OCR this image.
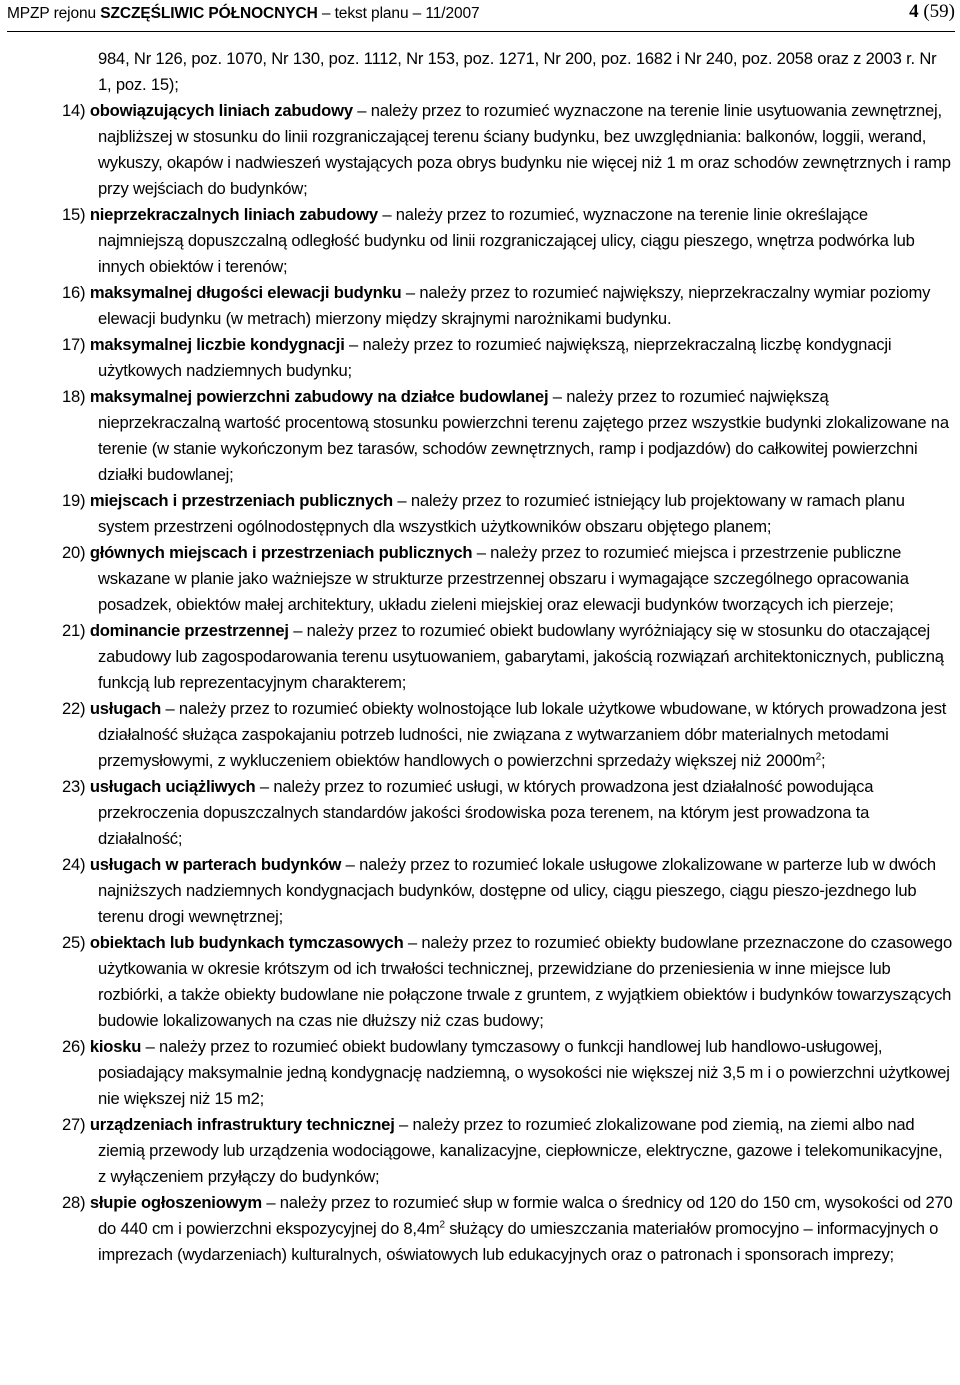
MPZP rejonu SZCZĘŚLIWIC PÓŁNOCNYCH – tekst planu – 11/2007	4 (59)

984, Nr 126, poz. 1070, Nr 130, poz. 1112, Nr 153, poz. 1271, Nr 200, poz. 1682 i Nr 240, poz. 2058 oraz z 2003 r. Nr 1, poz. 15);

14) obowiązujących liniach zabudowy – należy przez to rozumieć wyznaczone na terenie linie usytuowania zewnętrznej, najbliższej w stosunku do linii rozgraniczającej terenu ściany budynku, bez uwzględniania: balkonów, loggii, werand, wykuszy, okapów i nadwieszeń wystających poza obrys budynku nie więcej niż 1 m oraz schodów zewnętrznych i ramp przy wejściach do budynków;

15) nieprzekraczalnych liniach zabudowy – należy przez to rozumieć, wyznaczone na terenie linie określające najmniejszą dopuszczalną odległość budynku od linii rozgraniczającej ulicy, ciągu pieszego, wnętrza podwórka lub innych obiektów i terenów;

16) maksymalnej długości elewacji budynku – należy przez to rozumieć największy, nieprzekraczalny wymiar poziomy elewacji budynku (w metrach) mierzony między skrajnymi narożnikami budynku.

17) maksymalnej liczbie kondygnacji – należy przez to rozumieć największą, nieprzekraczalną liczbę kondygnacji użytkowych nadziemnych budynku;

18) maksymalnej powierzchni zabudowy na działce budowlanej – należy przez to rozumieć największą nieprzekraczalną wartość procentową stosunku powierzchni terenu zajętego przez wszystkie budynki zlokalizowane na terenie (w stanie wykończonym bez tarasów, schodów zewnętrznych, ramp i podjazdów) do całkowitej powierzchni działki budowlanej;

19) miejscach i przestrzeniach publicznych – należy przez to rozumieć istniejący lub projektowany w ramach planu system przestrzeni ogólnodostępnych dla wszystkich użytkowników obszaru objętego planem;

20) głównych miejscach i przestrzeniach publicznych – należy przez to rozumieć miejsca i przestrzenie publiczne wskazane w planie jako ważniejsze w strukturze przestrzennej obszaru i wymagające szczególnego opracowania posadzek, obiektów małej architektury, układu zieleni miejskiej oraz elewacji budynków tworzących ich pierzeje;

21) dominancie przestrzennej – należy przez to rozumieć obiekt budowlany wyróżniający się w stosunku do otaczającej zabudowy lub zagospodarowania terenu usytuowaniem, gabarytami, jakością rozwiązań architektonicznych, publiczną funkcją lub reprezentacyjnym charakterem;

22) usługach – należy przez to rozumieć obiekty wolnostojące lub lokale użytkowe wbudowane, w których prowadzona jest działalność służąca zaspokajaniu potrzeb ludności, nie związana z wytwarzaniem dóbr materialnych metodami przemysłowymi, z wykluczeniem obiektów handlowych o powierzchni sprzedaży większej niż $2000m^2$;

23) usługach uciążliwych – należy przez to rozumieć usługi, w których prowadzona jest działalność powodująca przekroczenia dopuszczalnych standardów jakości środowiska poza terenem, na którym jest prowadzona ta działalność;

24) usługach w parterach budynków – należy przez to rozumieć lokale usługowe zlokalizowane w parterze lub w dwóch najniższych nadziemnych kondygnacjach budynków, dostępne od ulicy, ciągu pieszego, ciągu pieszo-jezdnego lub terenu drogi wewnętrznej;

25) obiektach lub budynkach tymczasowych – należy przez to rozumieć obiekty budowlane przeznaczone do czasowego użytkowania w okresie krótszym od ich trwałości technicznej, przewidziane do przeniesienia w inne miejsce lub rozbiórki, a także obiekty budowlane nie połączone trwale z gruntem, z wyjątkiem obiektów i budynków towarzyszących budowie lokalizowanych na czas nie dłuższy niż czas budowy;

26) kiosku – należy przez to rozumieć obiekt budowlany tymczasowy o funkcji handlowej lub handlowo-usługowej, posiadający maksymalnie jedną kondygnację nadziemną, o wysokości nie większej niż 3,5 m i o powierzchni użytkowej nie większej niż 15 m2;

27) urządzeniach infrastruktury technicznej – należy przez to rozumieć zlokalizowane pod ziemią, na ziemi albo nad ziemią przewody lub urządzenia wodociągowe, kanalizacyjne, ciepłownicze, elektryczne, gazowe i telekomunikacyjne, z wyłączeniem przyłączy do budynków;

28) słupie ogłoszeniowym – należy przez to rozumieć słup w formie walca o średnicy od 120 do 150 cm, wysokości od 270 do 440 cm i powierzchni ekspozycyjnej do $8,4m^2$ służący do umieszczania materiałów promocyjno – informacyjnych o imprezach (wydarzeniach) kulturalnych, oświatowych lub edukacyjnych oraz o patronach i sponsorach imprezy;
